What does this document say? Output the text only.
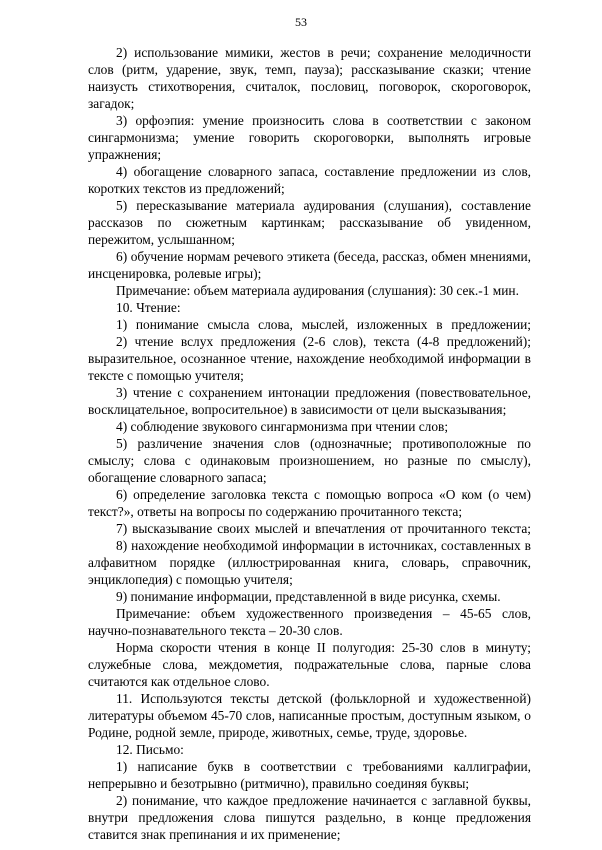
53

2) использование мимики, жестов в речи; сохранение мелодичности слов (ритм, ударение, звук, темп, пауза); рассказывание сказки; чтение наизусть стихотворения, считалок, пословиц, поговорок, скороговорок, загадок;

3) орфоэпия: умение произносить слова в соответствии с законом сингармонизма; умение говорить скороговорки, выполнять игровые упражнения;

4) обогащение словарного запаса, составление предложении из слов, коротких текстов из предложений;

5) пересказывание материала аудирования (слушания), составление рассказов по сюжетным картинкам; рассказывание об увиденном, пережитом, услышанном;

6) обучение нормам речевого этикета (беседа, рассказ, обмен мнениями, инсценировка, ролевые игры);

Примечание: объем материала аудирования (слушания): 30 сек.-1 мин.

10. Чтение:

1) понимание смысла слова, мыслей, изложенных в предложении;

2) чтение вслух предложения (2-6 слов), текста (4-8 предложений); выразительное, осознанное чтение, нахождение необходимой информации в тексте с помощью учителя;

3) чтение с сохранением интонации предложения (повествовательное, восклицательное, вопросительное) в зависимости от цели высказывания;

4) соблюдение звукового сингармонизма при чтении слов;

5) различение значения слов (однозначные; противоположные по смыслу; слова с одинаковым произношением, но разные по смыслу), обогащение словарного запаса;

6) определение заголовка текста с помощью вопроса «О ком (о чем) текст?», ответы на вопросы по содержанию прочитанного текста;

7) высказывание своих мыслей и впечатления от прочитанного текста;

8) нахождение необходимой информации в источниках, составленных в алфавитном порядке (иллюстрированная книга, словарь, справочник, энциклопедия) с помощью учителя;

9) понимание информации, представленной в виде рисунка, схемы.

Примечание: объем художественного произведения – 45-65 слов, научно-познавательного текста – 20-30 слов.

Норма скорости чтения в конце II полугодия: 25-30 слов в минуту; служебные слова, междометия, подражательные слова, парные слова считаются как отдельное слово.

11. Используются тексты детской (фольклорной и художественной) литературы объемом 45-70 слов, написанные простым, доступным языком, о Родине, родной земле, природе, животных, семье, труде, здоровье.

12. Письмо:

1) написание букв в соответствии с требованиями каллиграфии, непрерывно и безотрывно (ритмично), правильно соединяя буквы;

2) понимание, что каждое предложение начинается с заглавной буквы, внутри предложения слова пишутся раздельно, в конце предложения ставится знак препинания и их применение;
